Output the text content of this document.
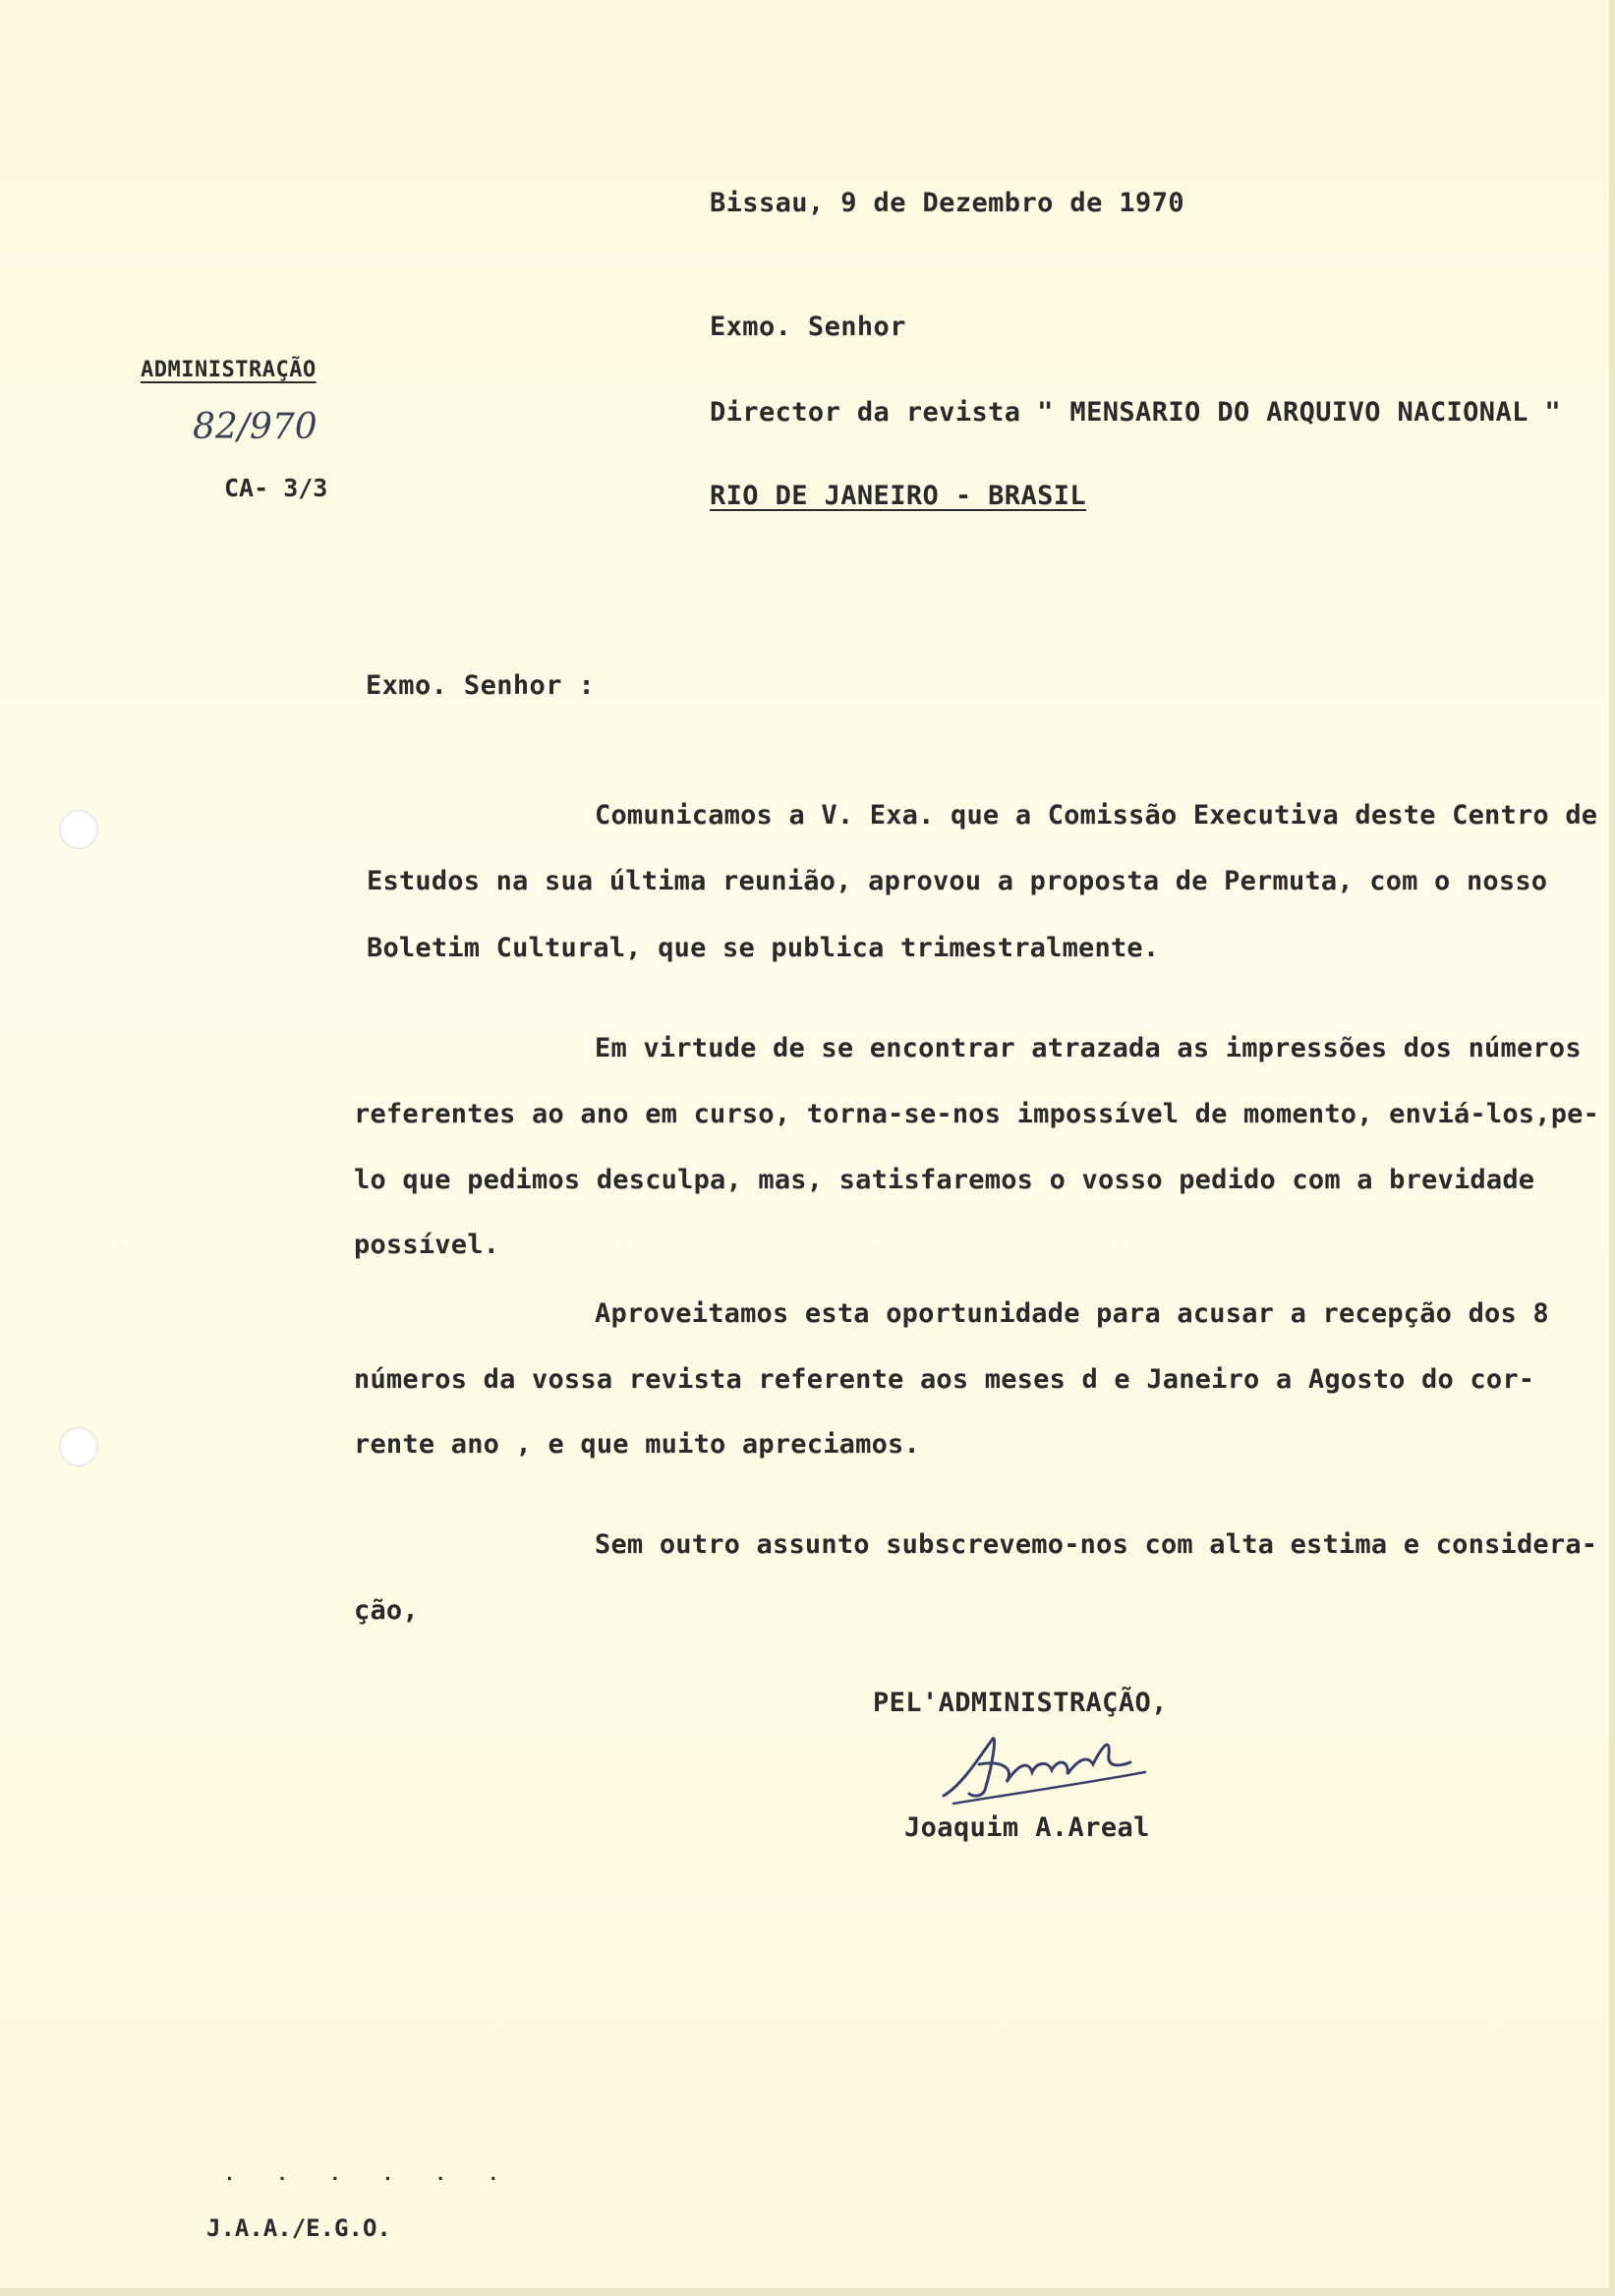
Bissau, 9 de Dezembro de 1970
Exmo. Senhor
Director da revista " MENSARIO DO ARQUIVO NACIONAL "
RIO DE JANEIRO - BRASIL
ADMINISTRAÇÃO
82/970
CA- 3/3
Exmo. Senhor :
Comunicamos a V. Exa. que a Comissão Executiva deste Centro de
Estudos na sua última reunião, aprovou a proposta de Permuta, com o nosso
Boletim Cultural, que se publica trimestralmente.
Em virtude de se encontrar atrazada as impressões dos números
referentes ao ano em curso, torna-se-nos impossível de momento, enviá-los,pe-
lo que pedimos desculpa, mas, satisfaremos o vosso pedido com a brevidade
possível.
Aproveitamos esta oportunidade para acusar a recepção dos 8
números da vossa revista referente aos meses d e Janeiro a Agosto do cor-
rente ano , e que muito apreciamos.
Sem outro assunto subscrevemo-nos com alta estima e considera-
ção,
PEL'ADMINISTRAÇÃO,
Joaquim A.Areal
. . . . . .
J.A.A./E.G.O.
